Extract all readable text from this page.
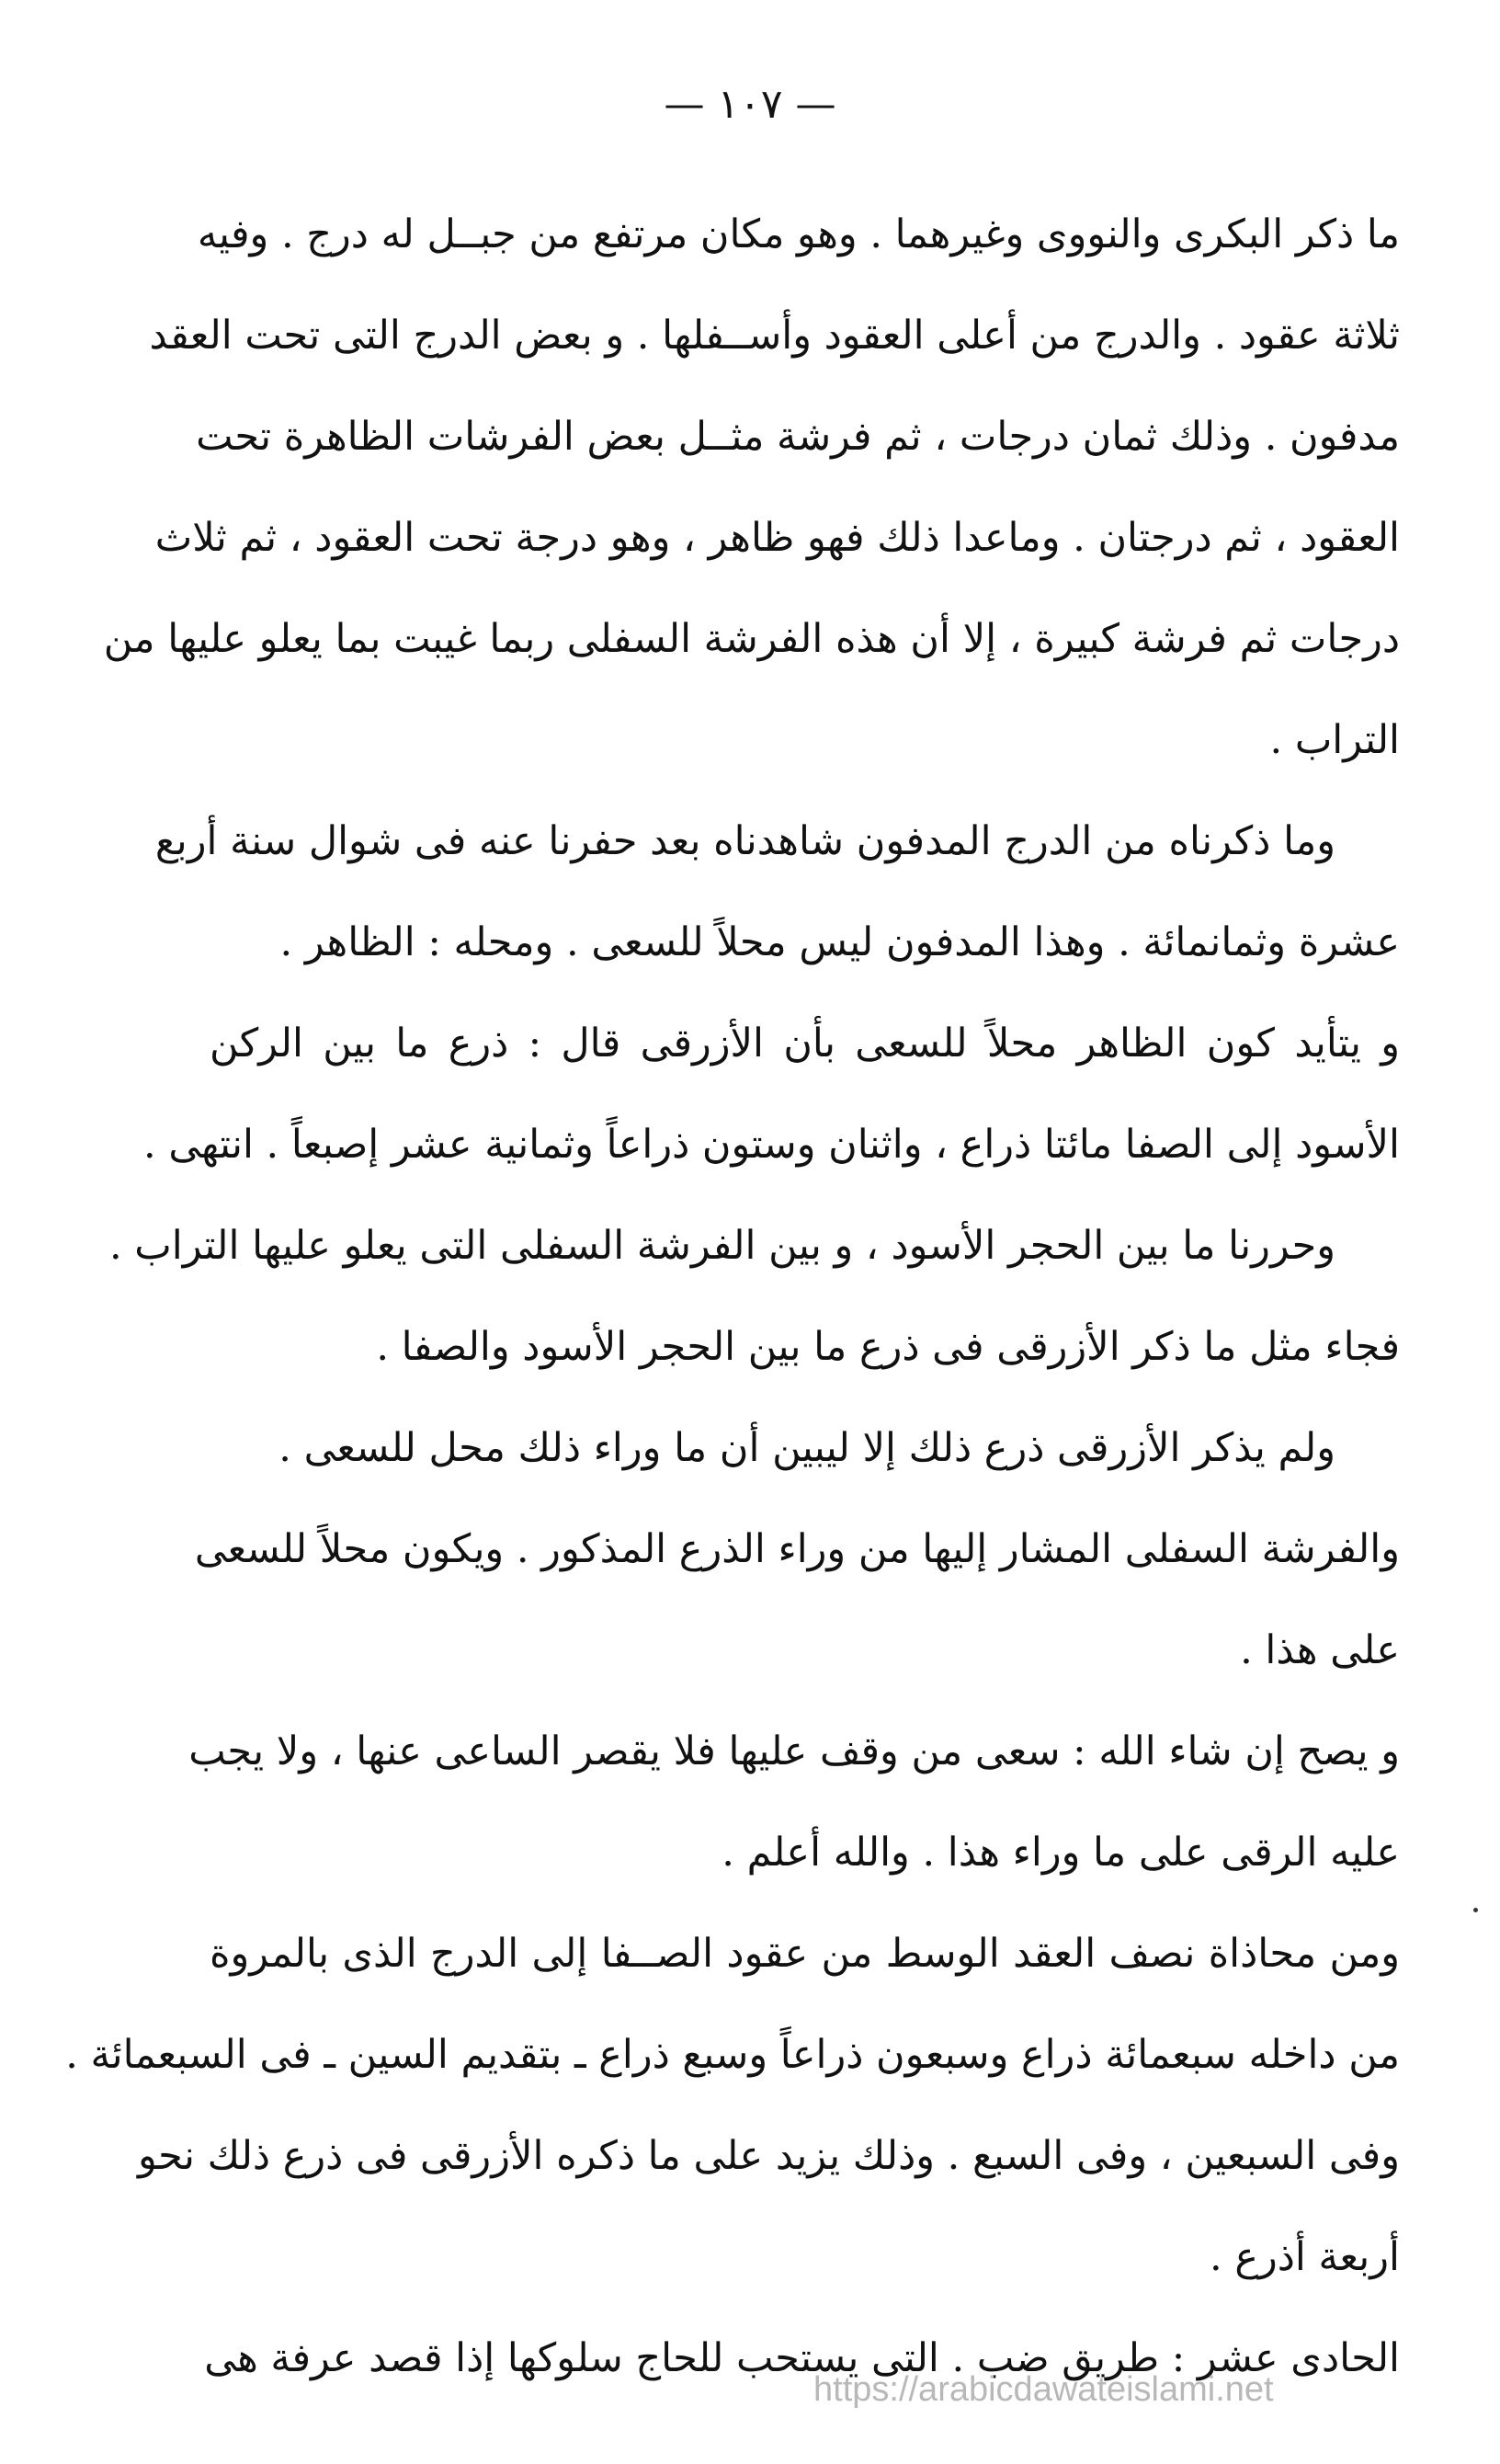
— ١٠٧ —
ما ذكر البكرى والنووى وغيرهما . وهو مكان مرتفع من جبــل له درج . وفيه
ثلاثة عقود . والدرج من أعلى العقود وأســفلها . و بعض الدرج التى تحت العقد
مدفون . وذلك ثمان درجات ، ثم فرشة مثــل بعض الفرشات الظاهرة تحت
العقود ، ثم درجتان . وماعدا ذلك فهو ظاهر ، وهو درجة تحت العقود ، ثم ثلاث
درجات ثم فرشة كبيرة ، إلا أن هذه الفرشة السفلى ربما غيبت بما يعلو عليها من
التراب .
وما ذكرناه من الدرج المدفون شاهدناه بعد حفرنا عنه فى شوال سنة أربع
عشرة وثمانمائة . وهذا المدفون ليس محلاً للسعى . ومحله : الظاهر .
و يتأيد كون الظاهر محلاً للسعى بأن الأزرقى قال : ذرع ما بين الركن
الأسود إلى الصفا مائتا ذراع ، واثنان وستون ذراعاً وثمانية عشر إصبعاً . انتهى .
وحررنا ما بين الحجر الأسود ، و بين الفرشة السفلى التى يعلو عليها التراب .
فجاء مثل ما ذكر الأزرقى فى ذرع ما بين الحجر الأسود والصفا .
ولم يذكر الأزرقى ذرع ذلك إلا ليبين أن ما وراء ذلك محل للسعى .
والفرشة السفلى المشار إليها من وراء الذرع المذكور . ويكون محلاً للسعى
على هذا .
و يصح إن شاء الله : سعى من وقف عليها فلا يقصر الساعى عنها ، ولا يجب
عليه الرقى على ما وراء هذا . والله أعلم .
ومن محاذاة نصف العقد الوسط من عقود الصــفا إلى الدرج الذى بالمروة
من داخله سبعمائة ذراع وسبعون ذراعاً وسبع ذراع ـ بتقديم السين ـ فى السبعمائة .
وفى السبعين ، وفى السبع . وذلك يزيد على ما ذكره الأزرقى فى ذرع ذلك نحو
أربعة أذرع .
الحادى عشر : طريق ضب . التى يستحب للحاج سلوكها إذا قصد عرفة هى
https://arabicdawateislami.net
